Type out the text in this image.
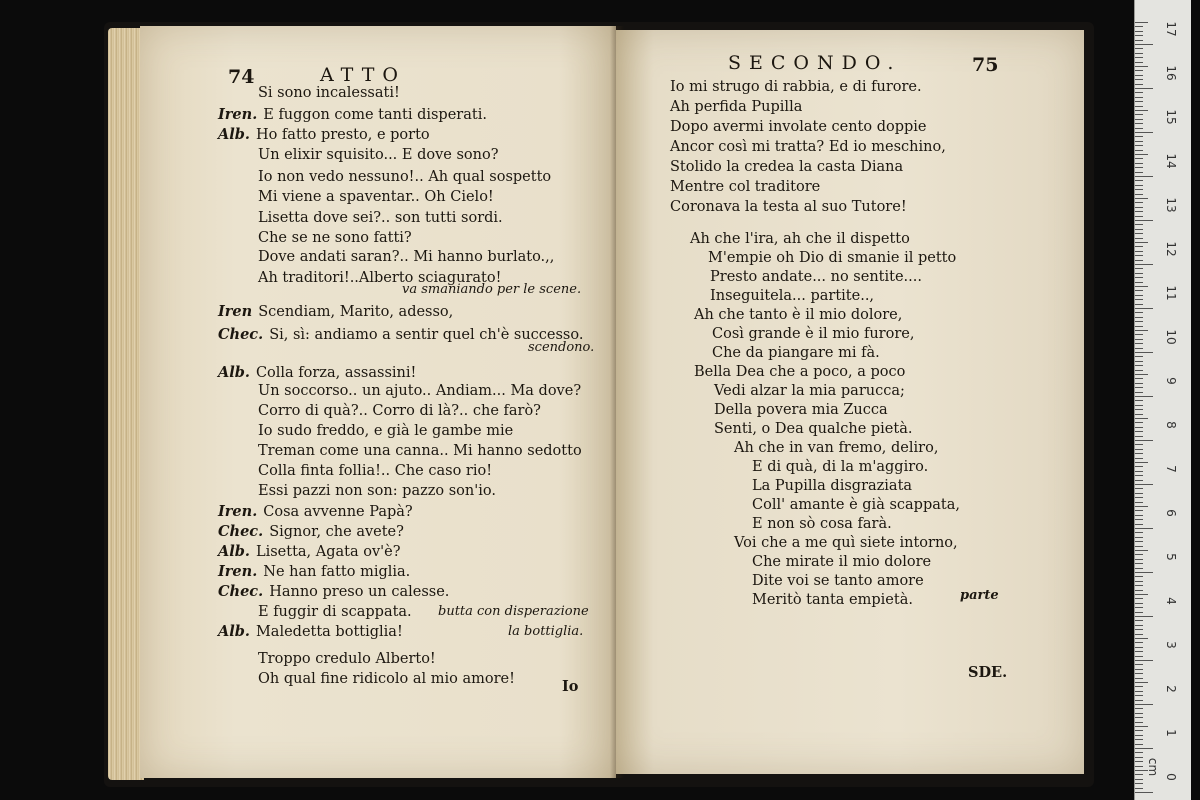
74	ATTO
Si sono incalessati!
Iren. E fuggon come tanti disperati.
Alb. Ho fatto presto, e porto
Un elixir squisito... E dove sono?
Io non vedo nessuno!.. Ah qual sospetto
Mi viene a spaventar.. Oh Cielo!
Lisetta dove sei?.. son tutti sordi.
Che se ne sono fatti?
Dove andati saran?.. Mi hanno burlato.,,
Ah traditori!..Alberto sciagurato!
Iren Scendiam, Marito, adesso,
Chec. Si, sì: andiamo a sentir quel ch'è successo.
Alb. Colla forza, assassini!
Un soccorso.. un ajuto.. Andiam... Ma dove?
Corro di quà?.. Corro di là?.. che farò?
Io sudo freddo, e già le gambe mie
Treman come una canna.. Mi hanno sedotto
Colla finta follia!.. Che caso rio!
Essi pazzi non son: pazzo son'io.
Iren. Cosa avvenne Papà?
Chec. Signor, che avete?
Alb. Lisetta, Agata ov'è?
Iren. Ne han fatto miglia.
Chec. Hanno preso un calesse.
E fuggir di scappata.
Alb. Maledetta bottiglia!
Troppo credulo Alberto!
Oh qual fine ridicolo al mio amore!
va smaniando per le scene.
scendono.
butta con disperazione
la bottiglia.
Io
SECONDO.	75
Io mi strugo di rabbia, e di furore.
Ah perfida Pupilla
Dopo avermi involate cento doppie
Ancor così mi tratta? Ed io meschino,
Stolido la credea la casta Diana
Mentre col traditore
Coronava la testa al suo Tutore!
Ah che l'ira, ah che il dispetto
M'empie oh Dio di smanie il petto
Presto andate... no sentite....
Inseguitela... partite..,
Ah che tanto è il mio dolore,
Così grande è il mio furore,
Che da piangare mi fà.
Bella Dea che a poco, a poco
Vedi alzar la mia parucca;
Della povera mia Zucca
Senti, o Dea qualche pietà.
Ah che in van fremo, deliro,
E di quà, di la m'aggiro.
La Pupilla disgraziata
Coll' amante è già scappata,
E non sò cosa farà.
Voi che a me quì siete intorno,
Che mirate il mio dolore
Dite voi se tanto amore
Meritò tanta empietà.	parte
SDE.
17
16
15
14
13
12
11
10
9
8
7
6
5
4
3
2
1
0
cm
